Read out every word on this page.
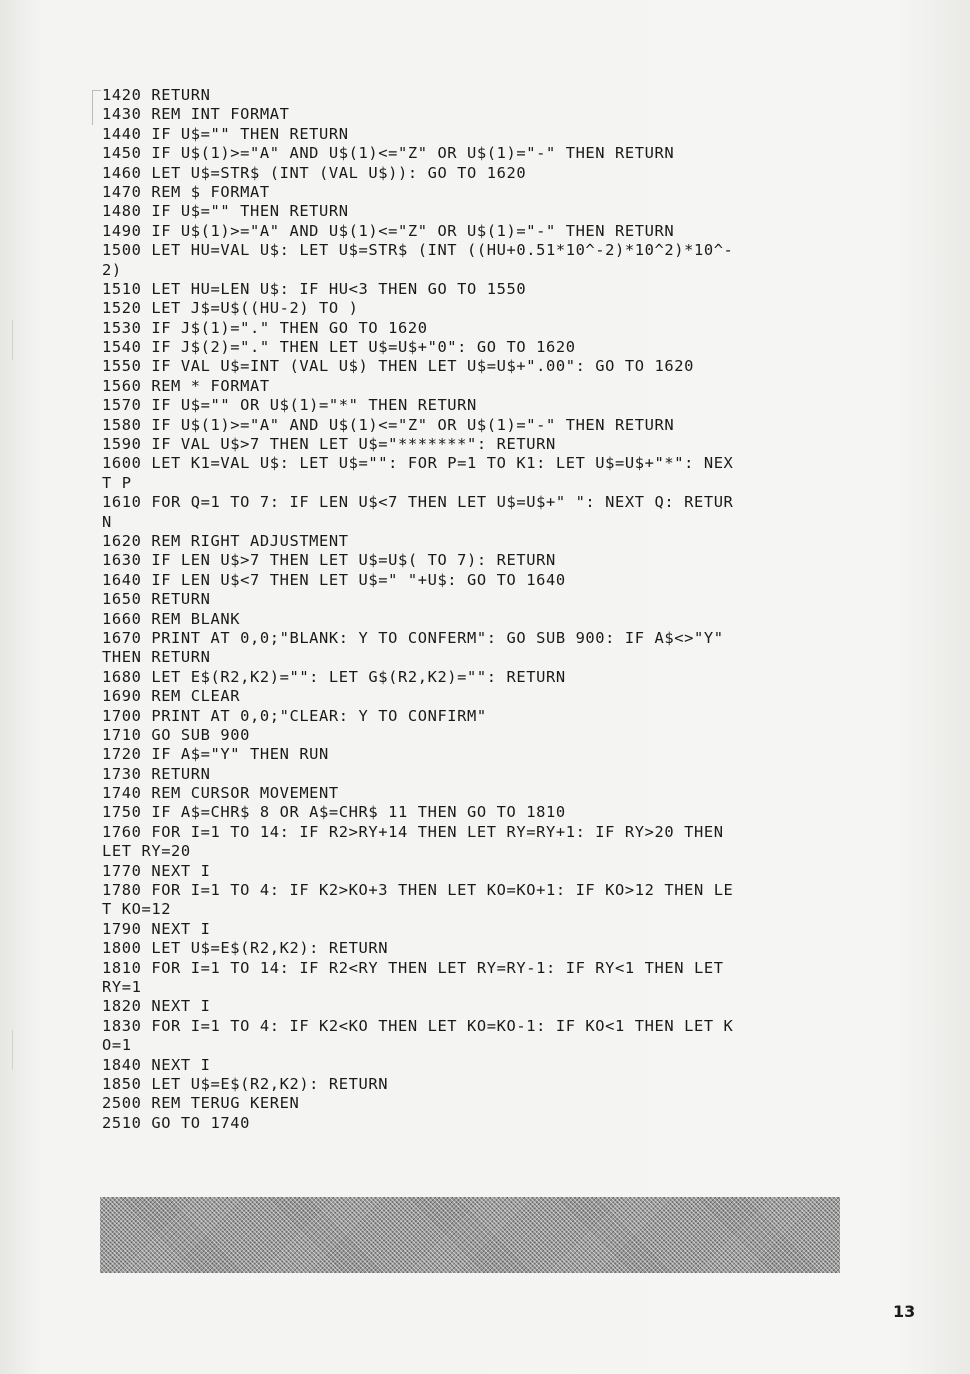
1420 RETURN
1430 REM INT FORMAT
1440 IF U$="" THEN RETURN
1450 IF U$(1)>="A" AND U$(1)<="Z" OR U$(1)="-" THEN RETURN
1460 LET U$=STR$ (INT (VAL U$)): GO TO 1620
1470 REM $ FORMAT
1480 IF U$="" THEN RETURN
1490 IF U$(1)>="A" AND U$(1)<="Z" OR U$(1)="-" THEN RETURN
1500 LET HU=VAL U$: LET U$=STR$ (INT ((HU+0.51*10^-2)*10^2)*10^-
2)
1510 LET HU=LEN U$: IF HU<3 THEN GO TO 1550
1520 LET J$=U$((HU-2) TO )
1530 IF J$(1)="." THEN GO TO 1620
1540 IF J$(2)="." THEN LET U$=U$+"0": GO TO 1620
1550 IF VAL U$=INT (VAL U$) THEN LET U$=U$+".00": GO TO 1620
1560 REM * FORMAT
1570 IF U$="" OR U$(1)="*" THEN RETURN
1580 IF U$(1)>="A" AND U$(1)<="Z" OR U$(1)="-" THEN RETURN
1590 IF VAL U$>7 THEN LET U$="*******": RETURN
1600 LET K1=VAL U$: LET U$="": FOR P=1 TO K1: LET U$=U$+"*": NEX
T P
1610 FOR Q=1 TO 7: IF LEN U$<7 THEN LET U$=U$+" ": NEXT Q: RETUR
N
1620 REM RIGHT ADJUSTMENT
1630 IF LEN U$>7 THEN LET U$=U$( TO 7): RETURN
1640 IF LEN U$<7 THEN LET U$=" "+U$: GO TO 1640
1650 RETURN
1660 REM BLANK
1670 PRINT AT 0,0;"BLANK: Y TO CONFERM": GO SUB 900: IF A$<>"Y"
THEN RETURN
1680 LET E$(R2,K2)="": LET G$(R2,K2)="": RETURN
1690 REM CLEAR
1700 PRINT AT 0,0;"CLEAR: Y TO CONFIRM"
1710 GO SUB 900
1720 IF A$="Y" THEN RUN
1730 RETURN
1740 REM CURSOR MOVEMENT
1750 IF A$=CHR$ 8 OR A$=CHR$ 11 THEN GO TO 1810
1760 FOR I=1 TO 14: IF R2>RY+14 THEN LET RY=RY+1: IF RY>20 THEN
LET RY=20
1770 NEXT I
1780 FOR I=1 TO 4: IF K2>KO+3 THEN LET KO=KO+1: IF KO>12 THEN LE
T KO=12
1790 NEXT I
1800 LET U$=E$(R2,K2): RETURN
1810 FOR I=1 TO 14: IF R2<RY THEN LET RY=RY-1: IF RY<1 THEN LET
RY=1
1820 NEXT I
1830 FOR I=1 TO 4: IF K2<KO THEN LET KO=KO-1: IF KO<1 THEN LET K
O=1
1840 NEXT I
1850 LET U$=E$(R2,K2): RETURN
2500 REM TERUG KEREN
2510 GO TO 1740
13
